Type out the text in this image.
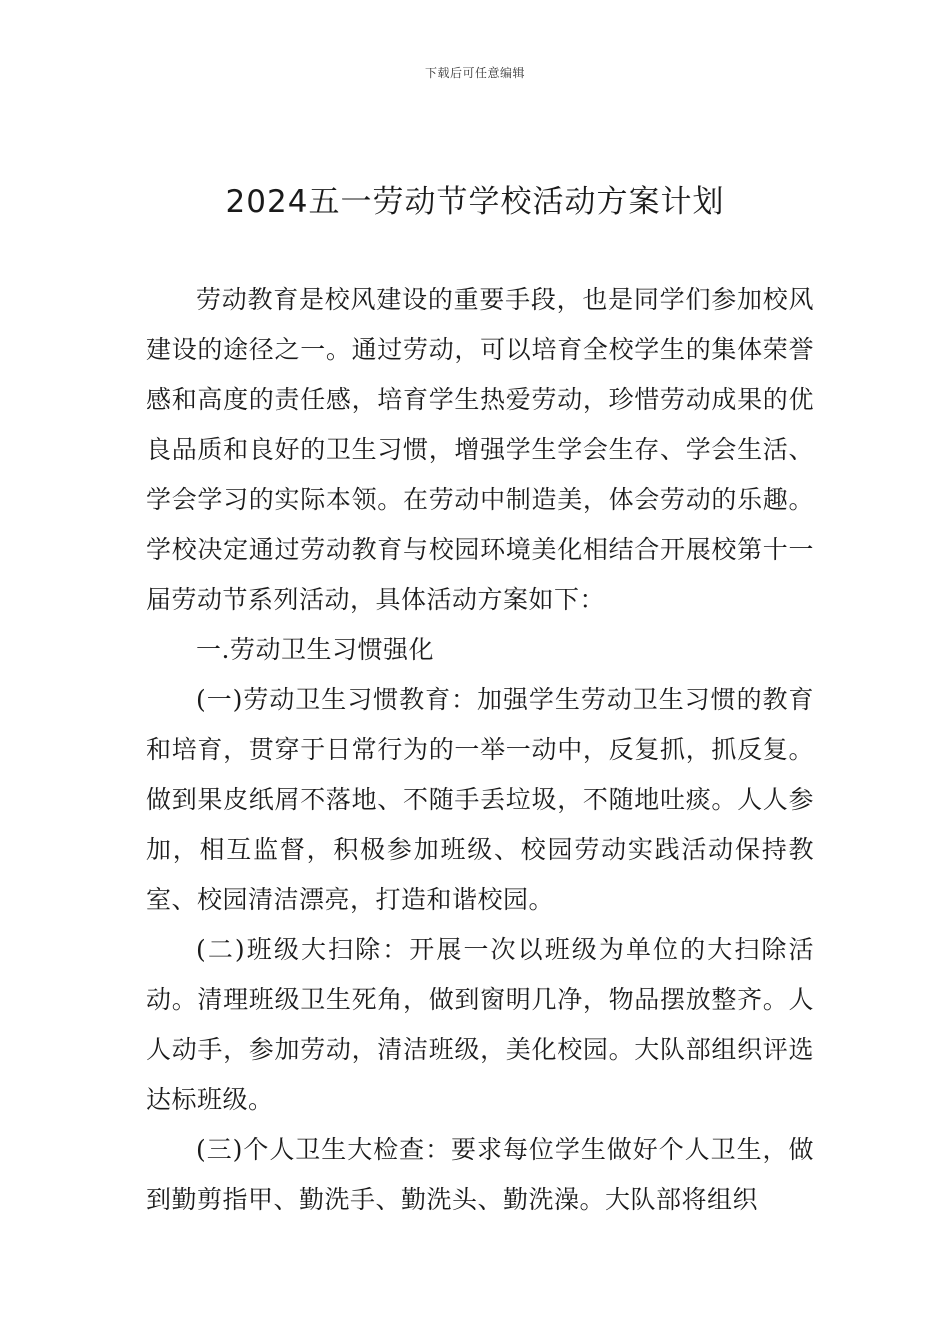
下载后可任意编辑
2024五一劳动节学校活动方案计划

劳动教育是校风建设的重要手段，也是同学们参加校风建设的途径之一。通过劳动，可以培育全校学生的集体荣誉感和高度的责任感，培育学生热爱劳动，珍惜劳动成果的优良品质和良好的卫生习惯，增强学生学会生存、学会生活、学会学习的实际本领。在劳动中制造美，体会劳动的乐趣。学校决定通过劳动教育与校园环境美化相结合开展校第十一届劳动节系列活动，具体活动方案如下：

一.劳动卫生习惯强化

(一)劳动卫生习惯教育：加强学生劳动卫生习惯的教育和培育，贯穿于日常行为的一举一动中，反复抓，抓反复。做到果皮纸屑不落地、不随手丢垃圾，不随地吐痰。人人参加，相互监督，积极参加班级、校园劳动实践活动保持教室、校园清洁漂亮，打造和谐校园。

(二)班级大扫除：开展一次以班级为单位的大扫除活动。清理班级卫生死角，做到窗明几净，物品摆放整齐。人人动手，参加劳动，清洁班级，美化校园。大队部组织评选达标班级。

(三)个人卫生大检查：要求每位学生做好个人卫生，做到勤剪指甲、勤洗手、勤洗头、勤洗澡。大队部将组织
